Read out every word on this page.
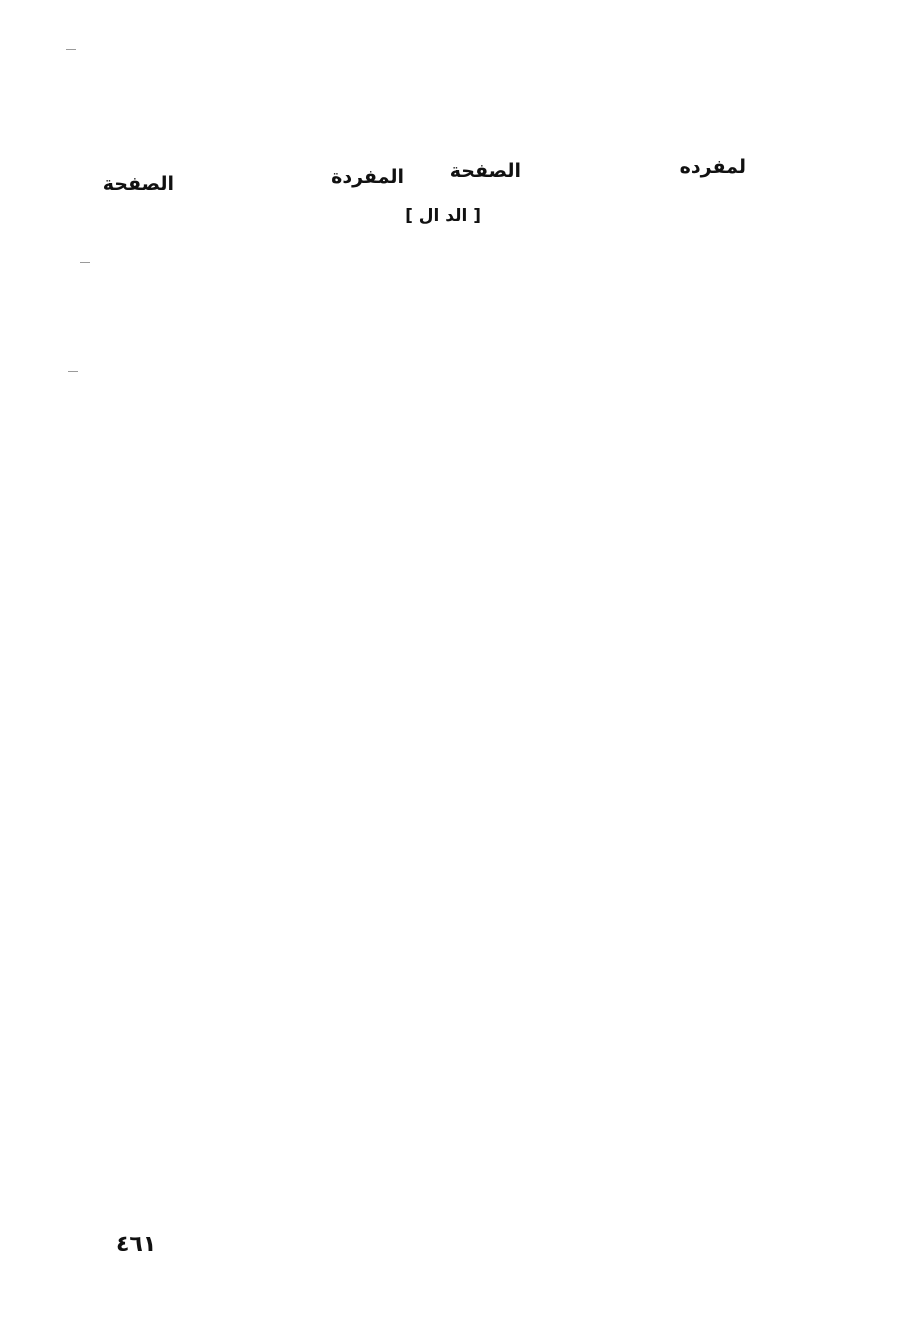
لمفرده
الصفحة
المفردة
الصفحة
[ الد ال ]
٤٦١
